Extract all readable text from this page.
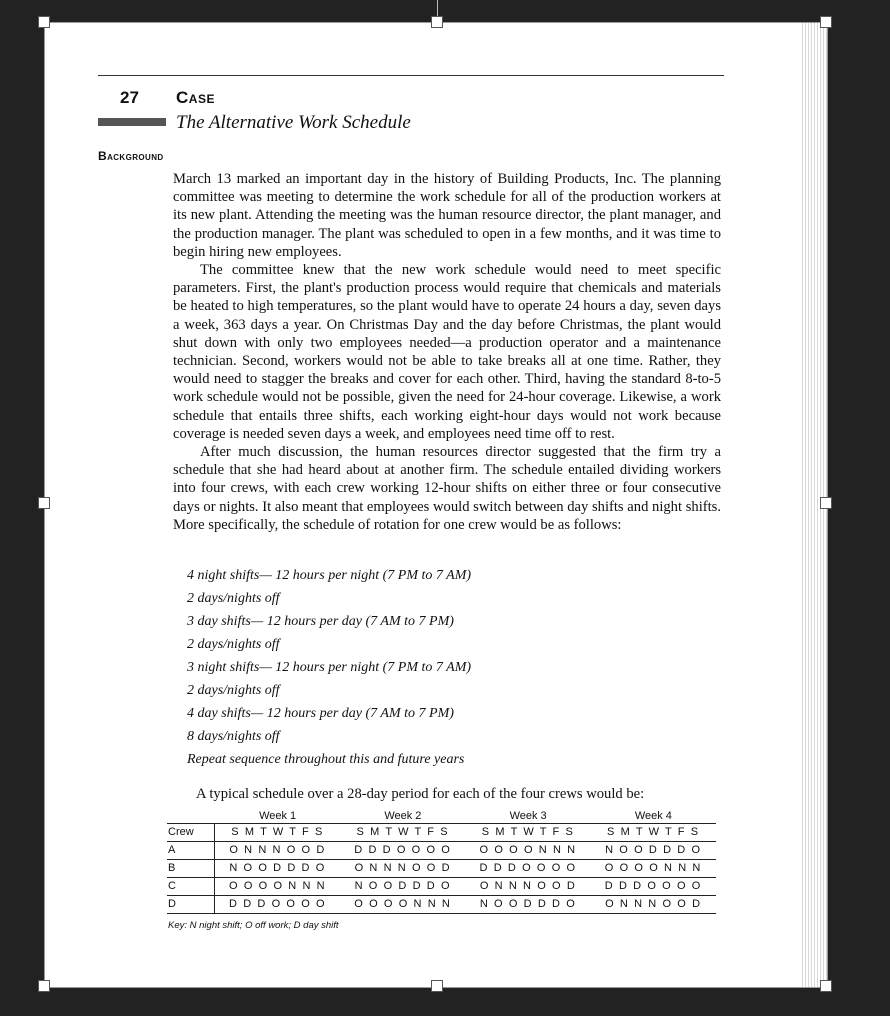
27 Case
The Alternative Work Schedule
Background

March 13 marked an important day in the history of Building Products, Inc. The planning committee was meeting to determine the work schedule for all of the production workers at its new plant. Attending the meeting was the human resource director, the plant manager, and the production manager. The plant was scheduled to open in a few months, and it was time to begin hiring new employees.

The committee knew that the new work schedule would need to meet specific parameters. First, the plant's production process would require that chemicals and materials be heated to high temperatures, so the plant would have to operate 24 hours a day, seven days a week, 363 days a year. On Christmas Day and the day before Christmas, the plant would shut down with only two employees needed—a production operator and a maintenance technician. Second, workers would not be able to take breaks all at one time. Rather, they would need to stagger the breaks and cover for each other. Third, having the standard 8-to-5 work schedule would not be possible, given the need for 24-hour coverage. Likewise, a work schedule that entails three shifts, each working eight-hour days would not work because coverage is needed seven days a week, and employees need time off to rest.

After much discussion, the human resources director suggested that the firm try a schedule that she had heard about at another firm. The schedule entailed dividing workers into four crews, with each crew working 12-hour shifts on either three or four consecutive days or nights. It also meant that employees would switch between day shifts and night shifts. More specifically, the schedule of rotation for one crew would be as follows:

4 night shifts— 12 hours per night (7 PM to 7 AM)
2 days/nights off
3 day shifts— 12 hours per day (7 AM to 7 PM)
2 days/nights off
3 night shifts— 12 hours per night (7 PM to 7 AM)
2 days/nights off
4 day shifts— 12 hours per day (7 AM to 7 PM)
8 days/nights off
Repeat sequence throughout this and future years
A typical schedule over a 28-day period for each of the four crews would be:
Week 1	Week 2	Week 3	Week 4
Crew	S M T W T F S	S M T W T F S	S M T W T F S	S M T W T F S
A	O N N N O O D	D D D O O O O	O O O O N N N	N O O D D D O
B	N O O D D D O	O N N N O O D	D D D O O O O	O O O O N N N
C	O O O O N N N	N O O D D D O	O N N N O O D	D D D O O O O
D	D D D O O O O	O O O O N N N	N O O D D D O	O N N N O O D
Key: N night shift; O off work; D day shift
